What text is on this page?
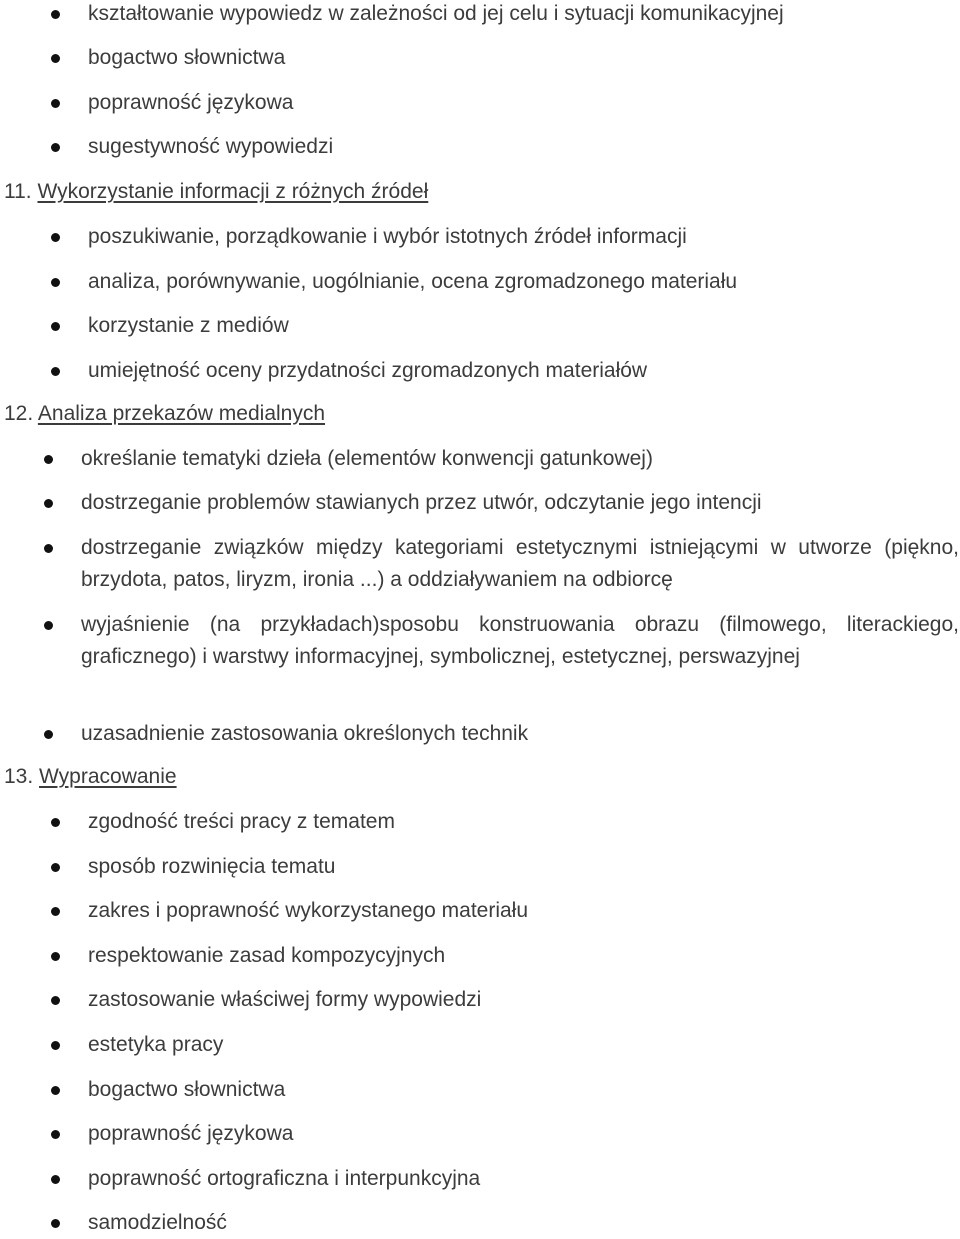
kształtowanie wypowiedz w zależności od jej celu i sytuacji komunikacyjnej
bogactwo słownictwa
poprawność językowa
sugestywność wypowiedzi
11. Wykorzystanie informacji z różnych źródeł
poszukiwanie, porządkowanie i wybór istotnych źródeł informacji
analiza, porównywanie, uogólnianie, ocena zgromadzonego materiału
korzystanie z mediów
umiejętność oceny przydatności zgromadzonych materiałów
12. Analiza przekazów medialnych
określanie tematyki dzieła (elementów konwencji gatunkowej)
dostrzeganie problemów stawianych przez utwór, odczytanie jego intencji
dostrzeganie związków między kategoriami estetycznymi istniejącymi w utworze (piękno, brzydota, patos, liryzm, ironia ...) a oddziaływaniem na odbiorcę
wyjaśnienie (na przykładach)sposobu konstruowania obrazu (filmowego, literackiego, graficznego) i warstwy informacyjnej, symbolicznej, estetycznej, perswazyjnej
uzasadnienie zastosowania określonych technik
13. Wypracowanie
zgodność treści pracy z tematem
sposób rozwinięcia tematu
zakres i poprawność wykorzystanego materiału
respektowanie zasad kompozycyjnych
zastosowanie właściwej formy wypowiedzi
estetyka pracy
bogactwo słownictwa
poprawność językowa
poprawność ortograficzna i interpunkcyjna
samodzielność
